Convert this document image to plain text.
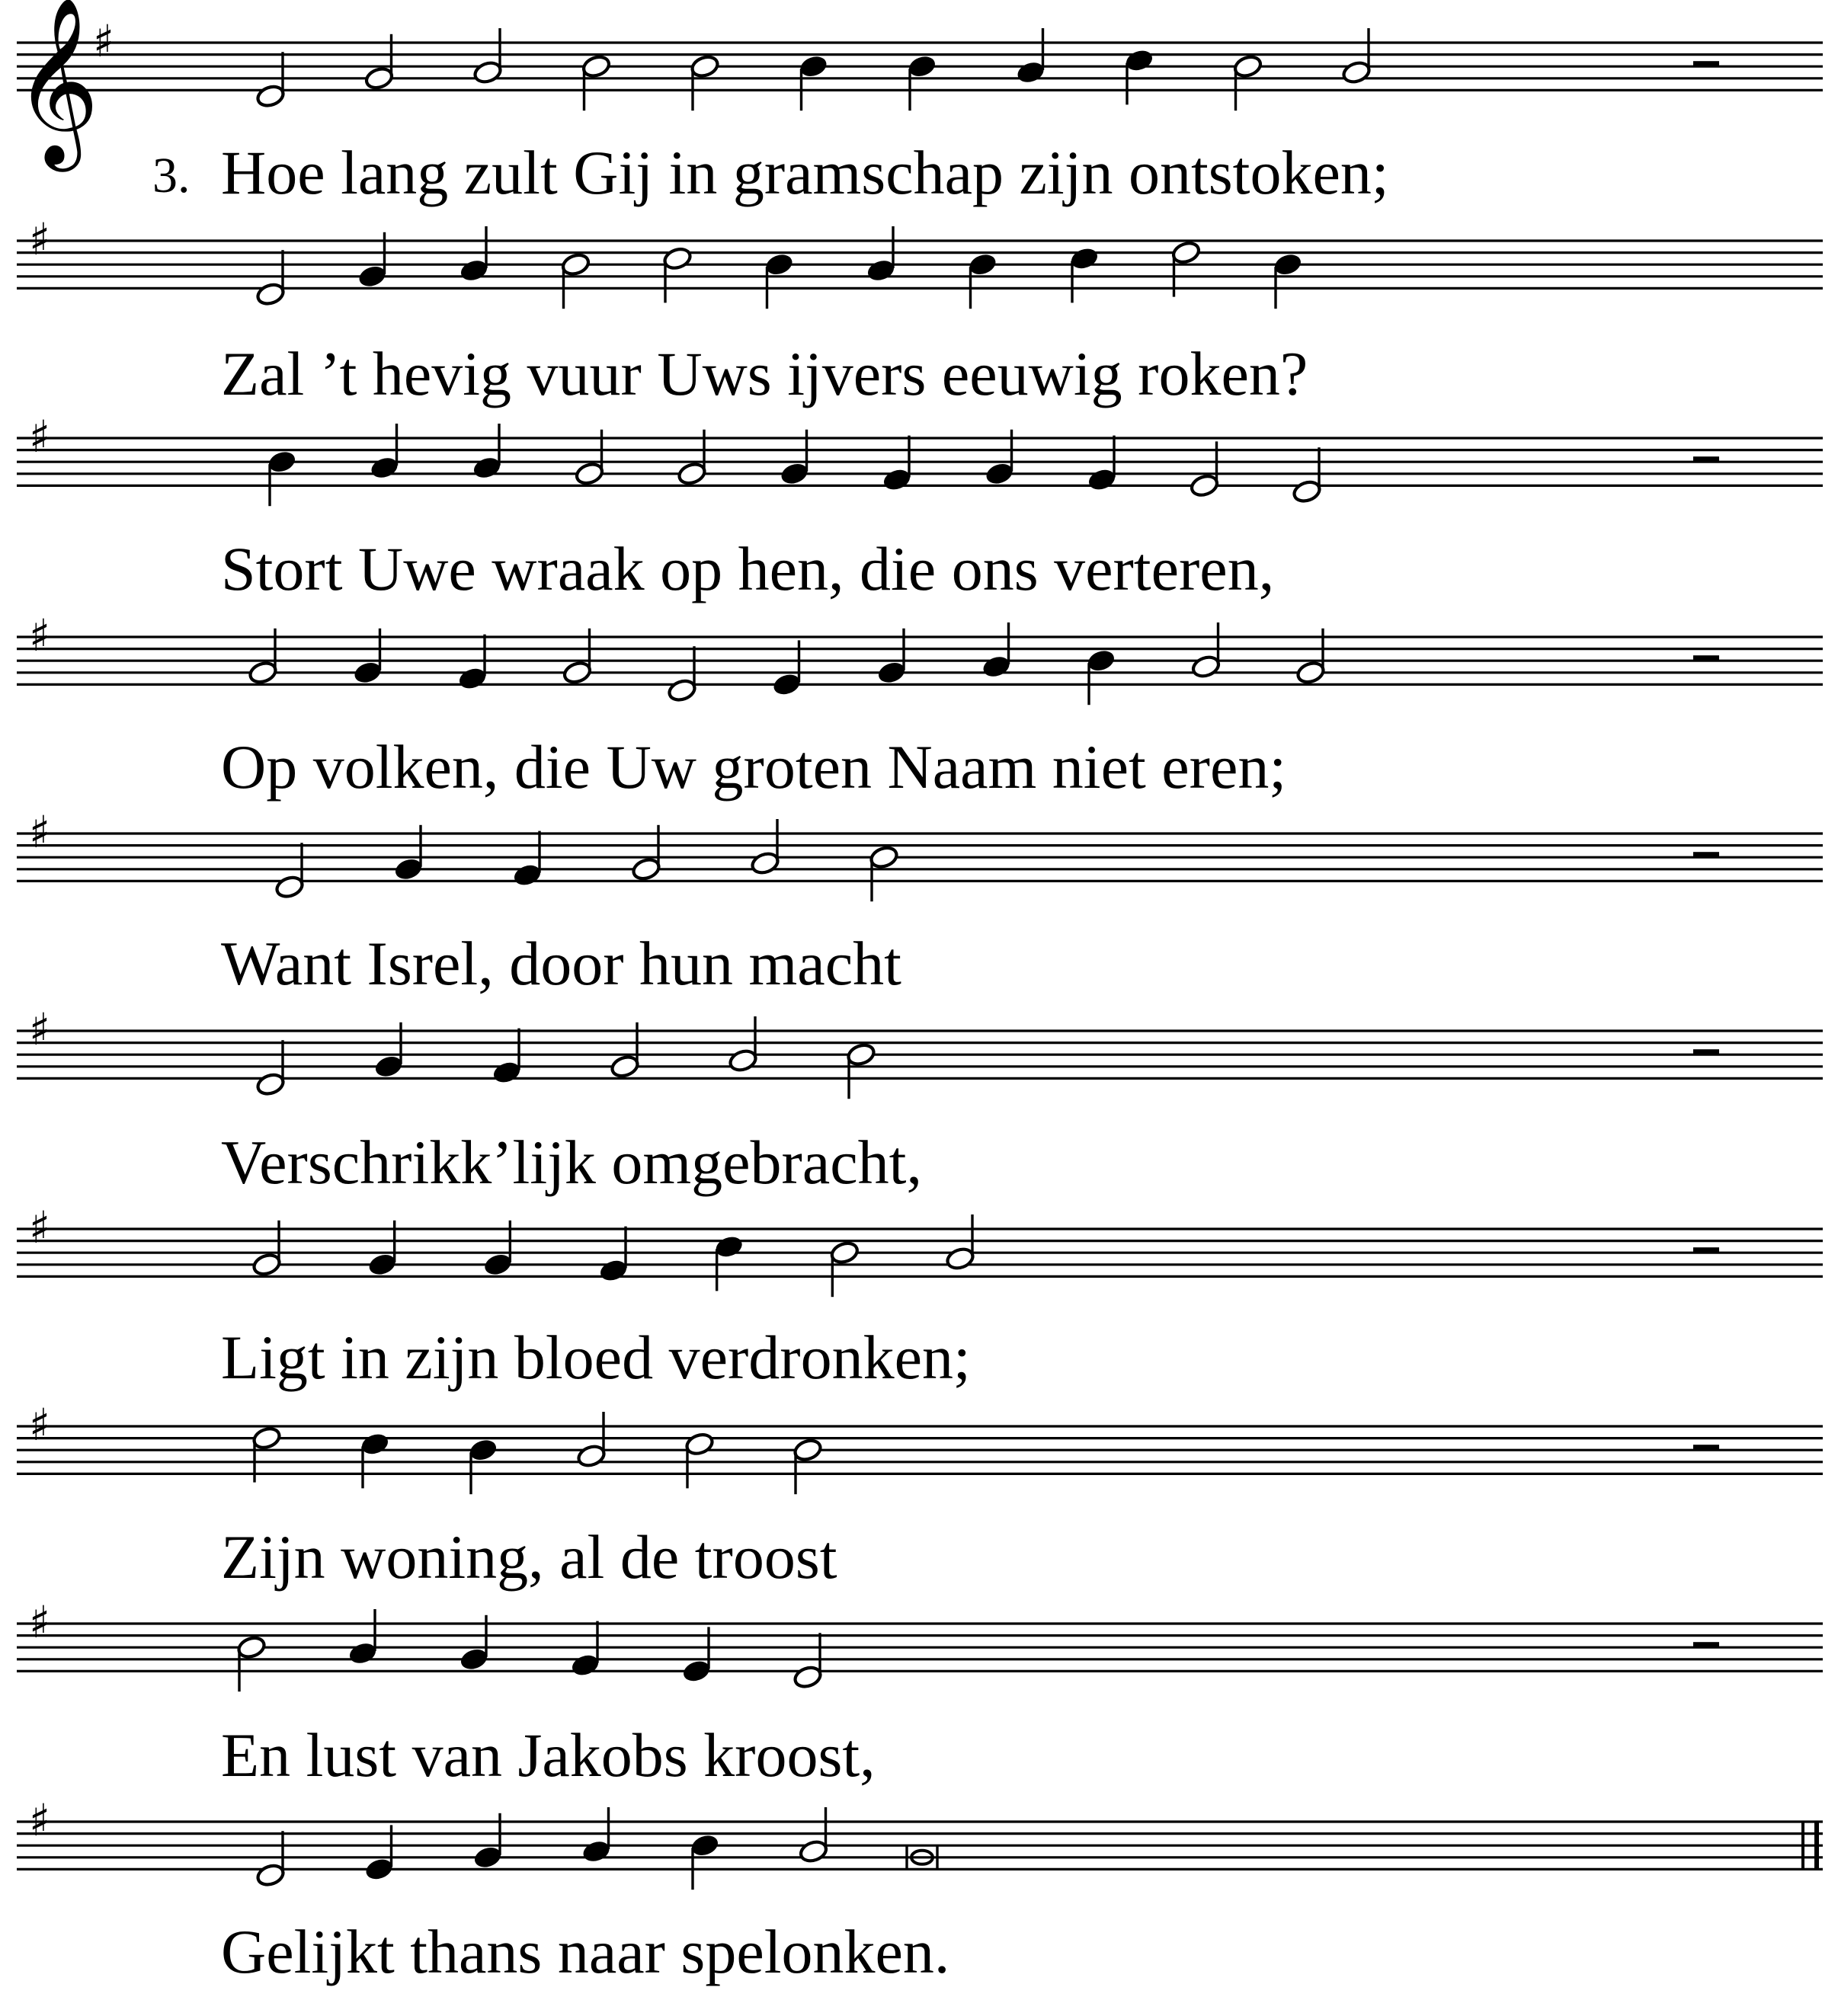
𝄞
♯
♯
♯
♯
♯
♯
♯
♯
♯
♯
3. Hoe lang zult Gij in gramschap zijn ontstoken;
Zal ’t hevig vuur Uws ijvers eeuwig roken?
Stort Uwe wraak op hen, die ons verteren,
Op volken, die Uw groten Naam niet eren;
Want Isrel, door hun macht
Verschrikk’lijk omgebracht,
Ligt in zijn bloed verdronken;
Zijn woning, al de troost
En lust van Jakobs kroost,
Gelijkt thans naar spelonken.
